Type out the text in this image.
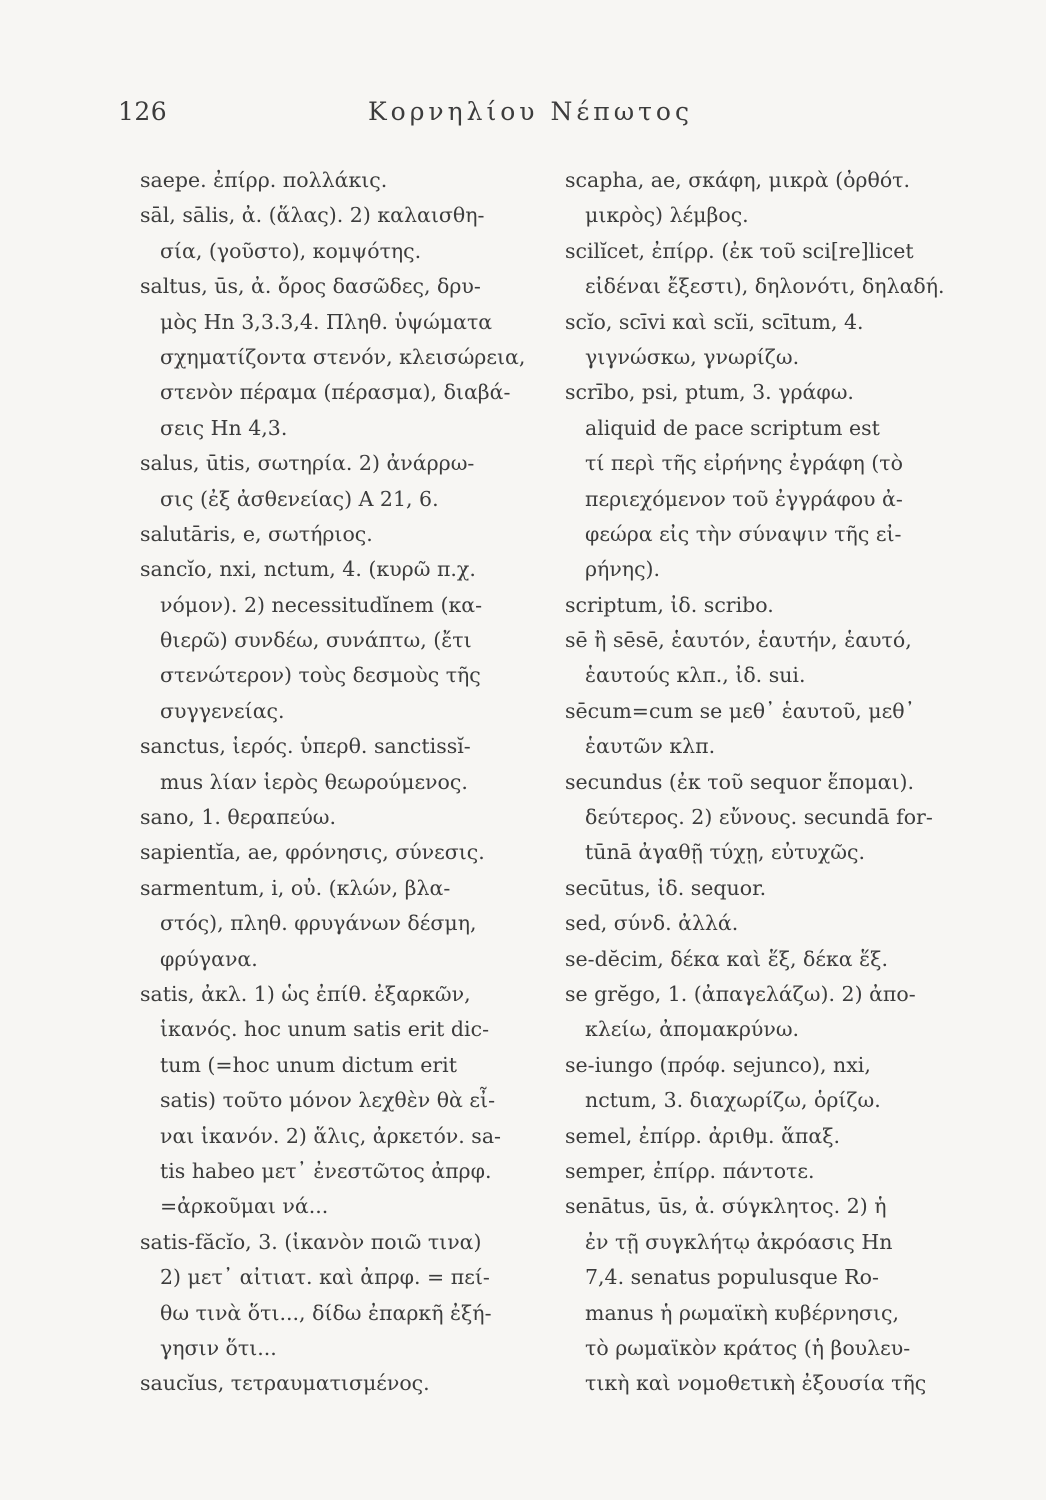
126	Κορνηλίου Νέπωτος
saepe. ἐπίρρ. πολλάκις.
sāl, sālis, ἀ. (ἅλας). 2) καλαισθη-
σία, (γοῦστο), κομψότης.
saltus, ūs, ἀ. ὄρος δασῶδες, δρυ-
μὸς Hn 3,3.3,4. Πληθ. ὑψώματα
σχηματίζοντα στενόν, κλεισώρεια,
στενὸν πέραμα (πέρασμα), διαβά-
σεις Hn 4,3.
salus, ūtis, σωτηρία. 2) ἀνάρρω-
σις (ἐξ ἀσθενείας) A 21, 6.
salutāris, e, σωτήριος.
sancĭo, nxi, nctum, 4. (κυρῶ π.χ.
νόμον). 2) necessitudĭnem (κα-
θιερῶ) συνδέω, συνάπτω, (ἔτι
στενώτερον) τοὺς δεσμοὺς τῆς
συγγενείας.
sanctus, ἱερός. ὑπερθ. sanctissĭ-
mus λίαν ἱερὸς θεωρούμενος.
sano, 1. θεραπεύω.
sapientĭa, ae, φρόνησις, σύνεσις.
sarmentum, i, οὐ. (κλών, βλα-
στός), πληθ. φρυγάνων δέσμη,
φρύγανα.
satis, ἀκλ. 1) ὡς ἐπίθ. ἐξαρκῶν,
ἱκανός. hoc unum satis erit dic-
tum (=hoc unum dictum erit
satis) τοῦτο μόνον λεχθὲν θὰ εἶ-
ναι ἱκανόν. 2) ἅλις, ἀρκετόν. sa-
tis habeo μετ᾽ ἐνεστῶτος ἀπρφ.
=ἀρκοῦμαι νά...
satis-făcĭo, 3. (ἱκανὸν ποιῶ τινα)
2) μετ᾽ αἰτιατ. καὶ ἀπρφ. = πεί-
θω τινὰ ὅτι..., δίδω ἐπαρκῆ ἐξή-
γησιν ὅτι...
saucĭus, τετραυματισμένος.
scapha, ae, σκάφη, μικρὰ (ὀρθότ.
μικρὸς) λέμβος.
scilĭcet, ἐπίρρ. (ἐκ τοῦ sci[re]licet
εἰδέναι ἔξεστι), δηλονότι, δηλαδή.
scĭo, scīvi καὶ scĭi, scītum, 4.
γιγνώσκω, γνωρίζω.
scrībo, psi, ptum, 3. γράφω.
aliquid de pace scriptum est
τί περὶ τῆς εἰρήνης ἐγράφη (τὸ
περιεχόμενον τοῦ ἐγγράφου ἀ-
φεώρα εἰς τὴν σύναψιν τῆς εἰ-
ρήνης).
scriptum, ἰδ. scribo.
sē ἢ sēsē, ἑαυτόν, ἑαυτήν, ἑαυτό,
ἑαυτούς κλπ., ἰδ. sui.
sēcum=cum se μεθ᾽ ἑαυτοῦ, μεθ᾽
ἑαυτῶν κλπ.
secundus (ἐκ τοῦ sequor ἕπομαι).
δεύτερος. 2) εὔνους. secundā for-
tūnā ἀγαθῇ τύχῃ, εὐτυχῶς.
secūtus, ἰδ. sequor.
sed, σύνδ. ἀλλά.
se-dĕcim, δέκα καὶ ἕξ, δέκα ἕξ.
se grĕgo, 1. (ἀπαγελάζω). 2) ἀπο-
κλείω, ἀπομακρύνω.
se-iungo (πρόφ. sejunco), nxi,
nctum, 3. διαχωρίζω, ὁρίζω.
semel, ἐπίρρ. ἀριθμ. ἅπαξ.
semper, ἐπίρρ. πάντοτε.
senātus, ūs, ἀ. σύγκλητος. 2) ἡ
ἐν τῇ συγκλήτῳ ἀκρόασις Hn
7,4. senatus populusque Ro-
manus ἡ ρωμαϊκὴ κυβέρνησις,
τὸ ρωμαϊκὸν κράτος (ἡ βουλευ-
τικὴ καὶ νομοθετικὴ ἐξουσία τῆς
